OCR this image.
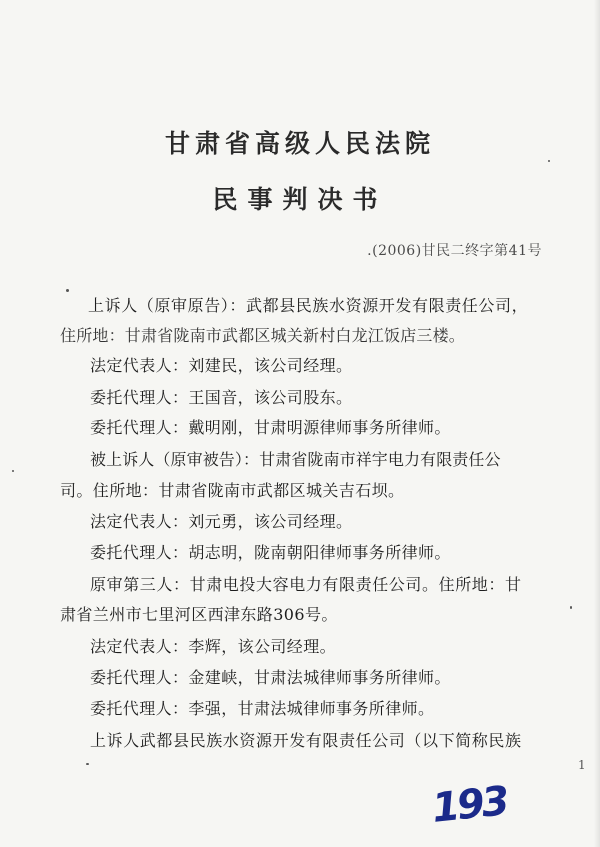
甘肃省高级人民法院
民事判决书
.(2006)甘民二终字第41号
上诉人（原审原告）：武都县民族水资源开发有限责任公司，
住所地：甘肃省陇南市武都区城关新村白龙江饭店三楼。
法定代表人：刘建民，该公司经理。
委托代理人：王国音，该公司股东。
委托代理人：戴明刚，甘肃明源律师事务所律师。
被上诉人（原审被告）：甘肃省陇南市祥宇电力有限责任公
司。住所地：甘肃省陇南市武都区城关吉石坝。
法定代表人：刘元勇，该公司经理。
委托代理人：胡志明，陇南朝阳律师事务所律师。
原审第三人：甘肃电投大容电力有限责任公司。住所地：甘
肃省兰州市七里河区西津东路306号。
法定代表人：李辉，该公司经理。
委托代理人：金建峡，甘肃法城律师事务所律师。
委托代理人：李强，甘肃法城律师事务所律师。
上诉人武都县民族水资源开发有限责任公司（以下简称民族
1
193
